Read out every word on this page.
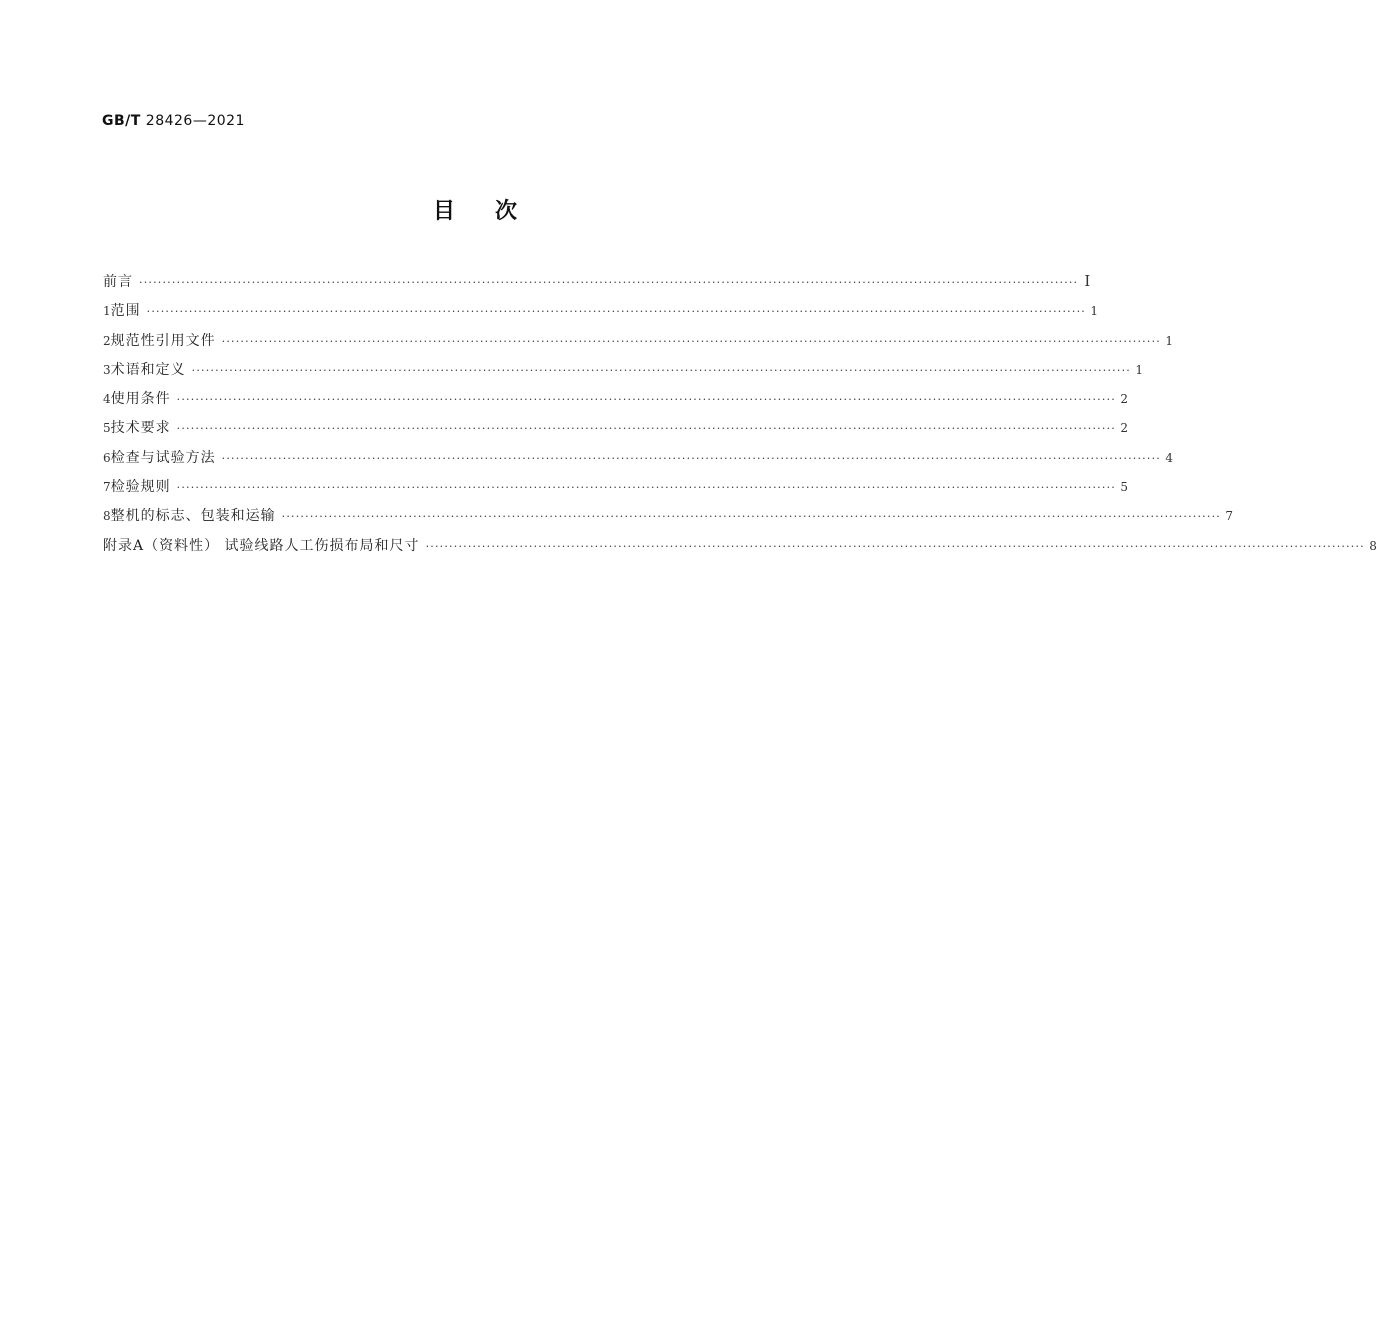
GB/T 28426—2021
目次
前言 ········································································································································································································ I
1 范围 ········································································································································································································ 1
2 规范性引用文件 ········································································································································································································ 1
3 术语和定义 ········································································································································································································ 1
4 使用条件 ········································································································································································································ 2
5 技术要求 ········································································································································································································ 2
6 检查与试验方法 ········································································································································································································ 4
7 检验规则 ········································································································································································································ 5
8 整机的标志、包装和运输 ········································································································································································································ 7
附录A（资料性） 试验线路人工伤损布局和尺寸 ········································································································································································································ 8
